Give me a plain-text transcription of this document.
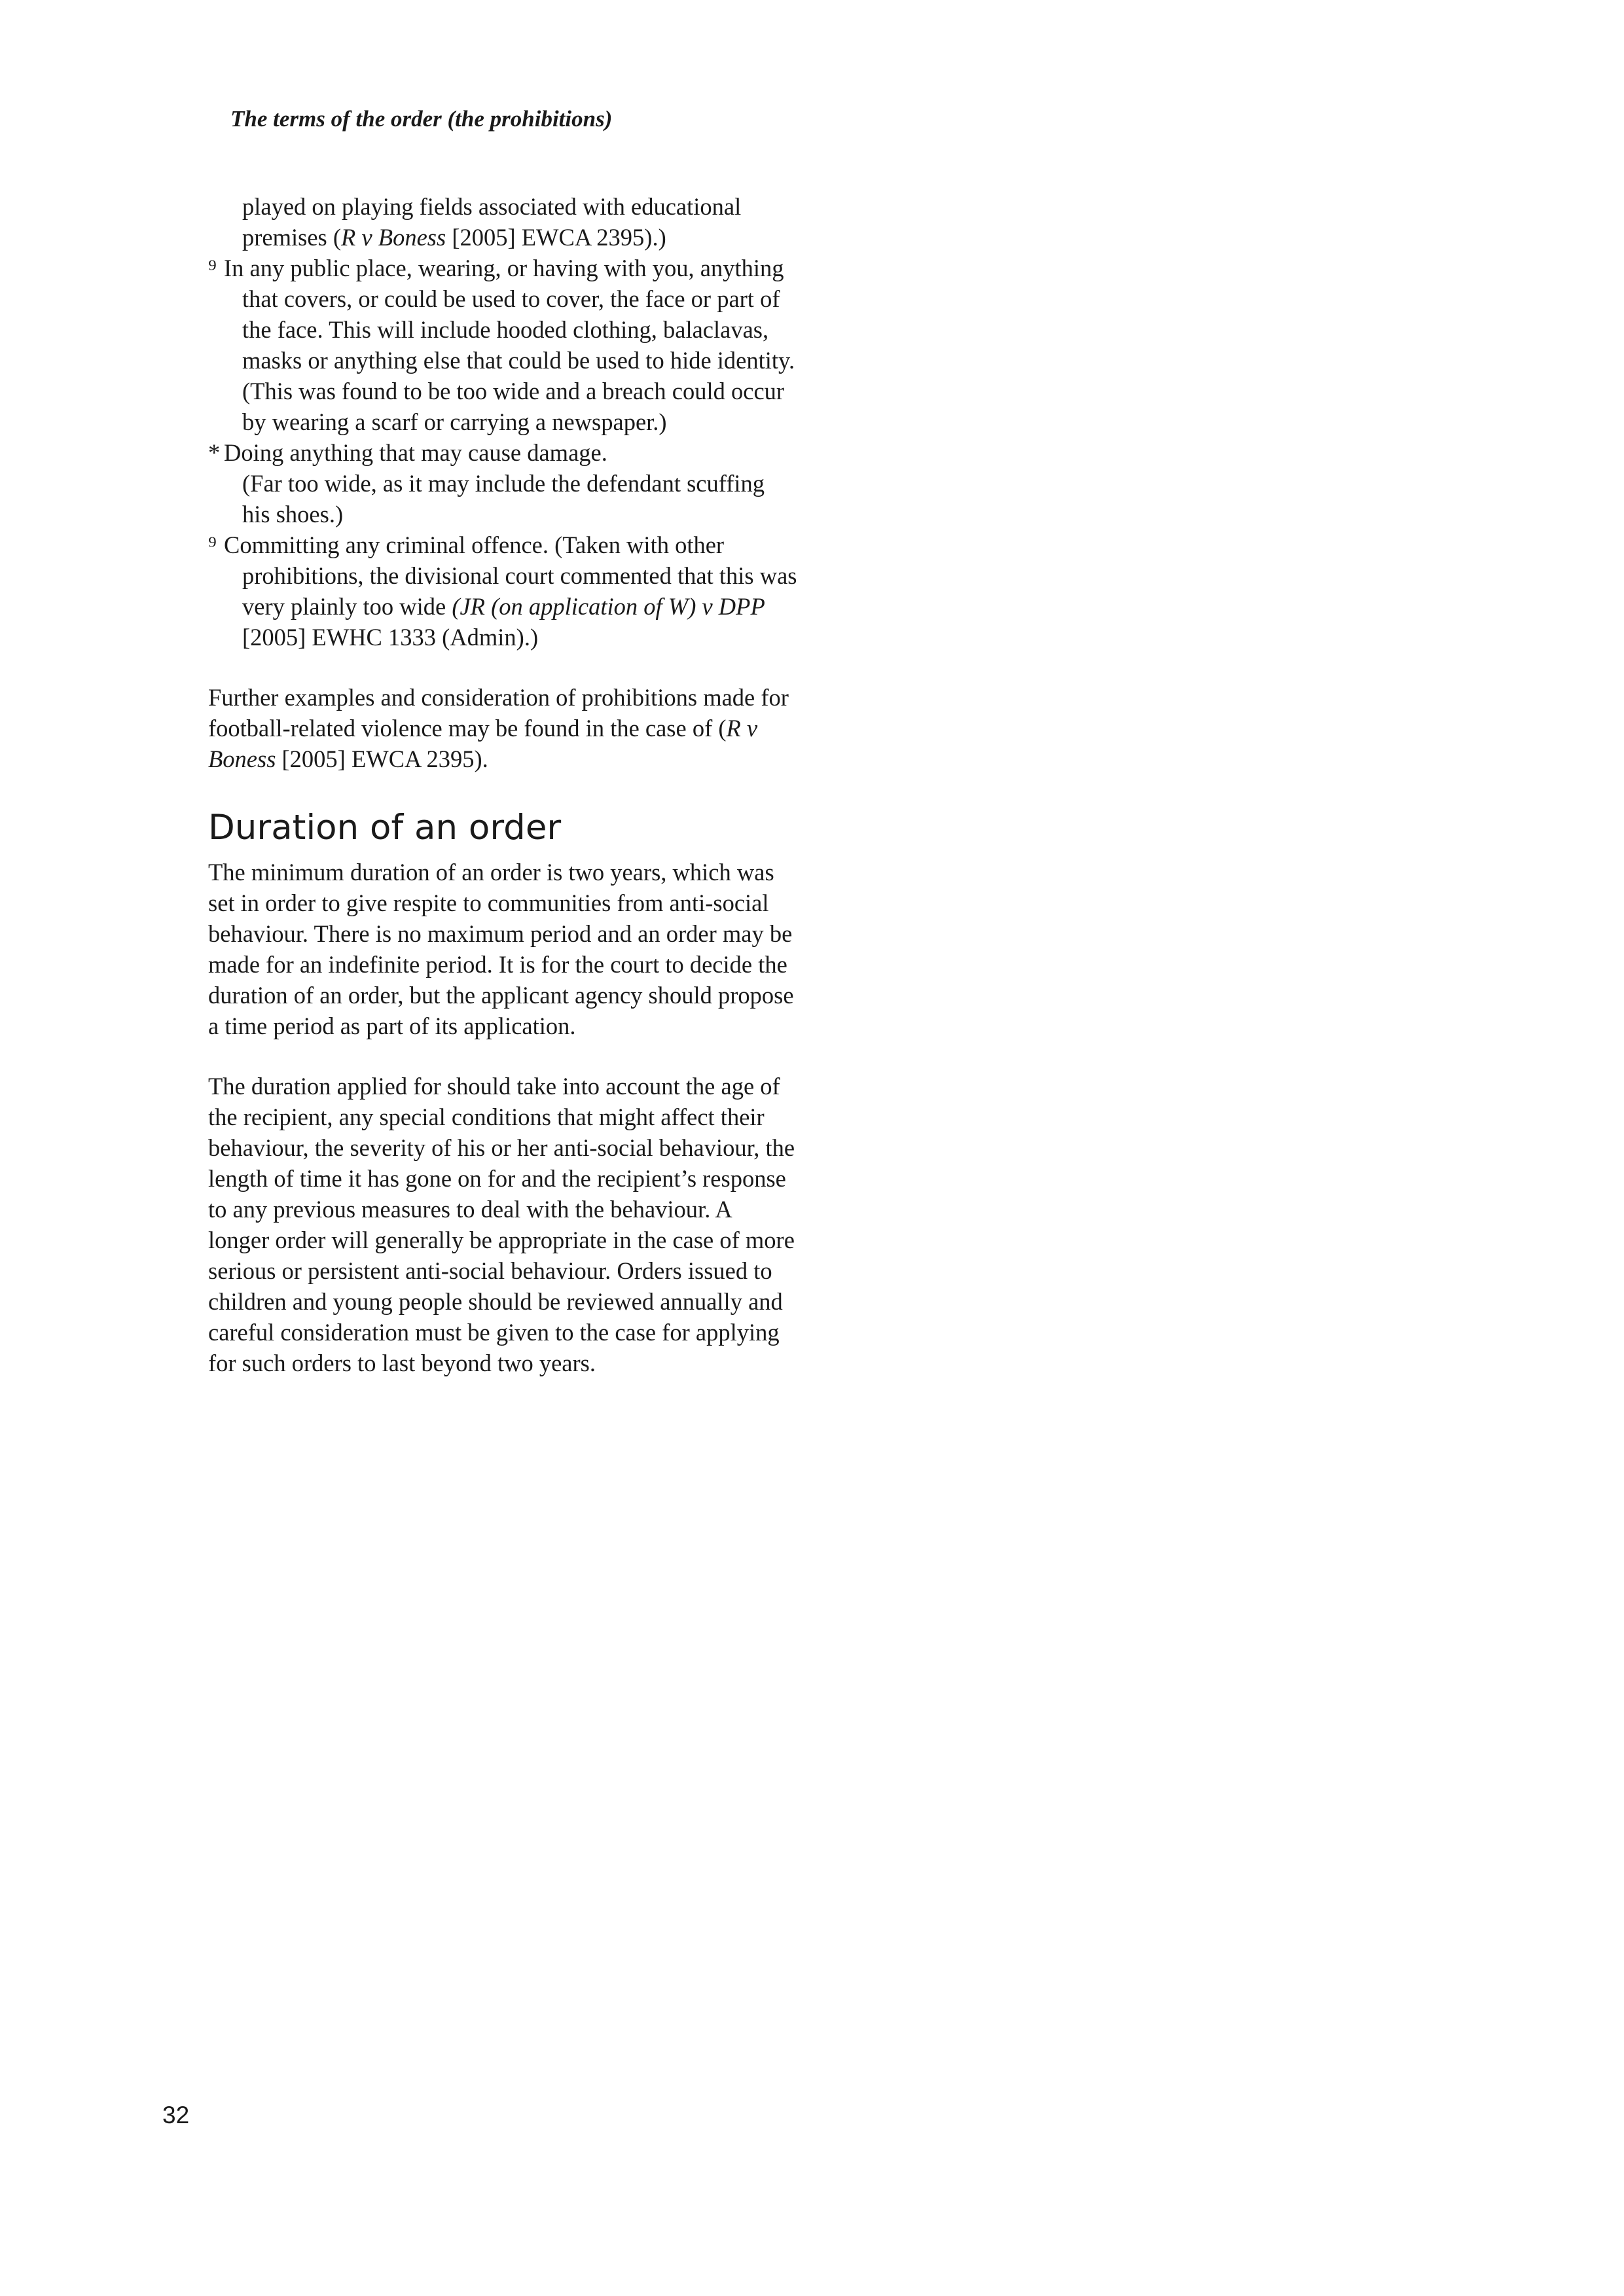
The terms of the order (the prohibitions)

played on playing fields associated with educational premises (R v Boness [2005] EWCA 2395).)

⁹ In any public place, wearing, or having with you, anything that covers, or could be used to cover, the face or part of the face. This will include hooded clothing, balaclavas, masks or anything else that could be used to hide identity. (This was found to be too wide and a breach could occur by wearing a scarf or carrying a newspaper.)
* Doing anything that may cause damage.

(Far too wide, as it may include the defendant scuffing his shoes.)

⁹ Committing any criminal offence. (Taken with other prohibitions, the divisional court commented that this was very plainly too wide (JR (on application of W) v DPP [2005] EWHC 1333 (Admin).)

Further examples and consideration of prohibitions made for football-related violence may be found in the case of (R v Boness [2005] EWCA 2395).

Duration of an order

The minimum duration of an order is two years, which was set in order to give respite to communities from anti-social behaviour. There is no maximum period and an order may be made for an indefinite period. It is for the court to decide the duration of an order, but the applicant agency should propose a time period as part of its application.

The duration applied for should take into account the age of the recipient, any special conditions that might affect their behaviour, the severity of his or her anti-social behaviour, the length of time it has gone on for and the recipient’s response to any previous measures to deal with the behaviour. A longer order will generally be appropriate in the case of more serious or persistent anti-social behaviour. Orders issued to children and young people should be reviewed annually and careful consideration must be given to the case for applying for such orders to last beyond two years.

32
